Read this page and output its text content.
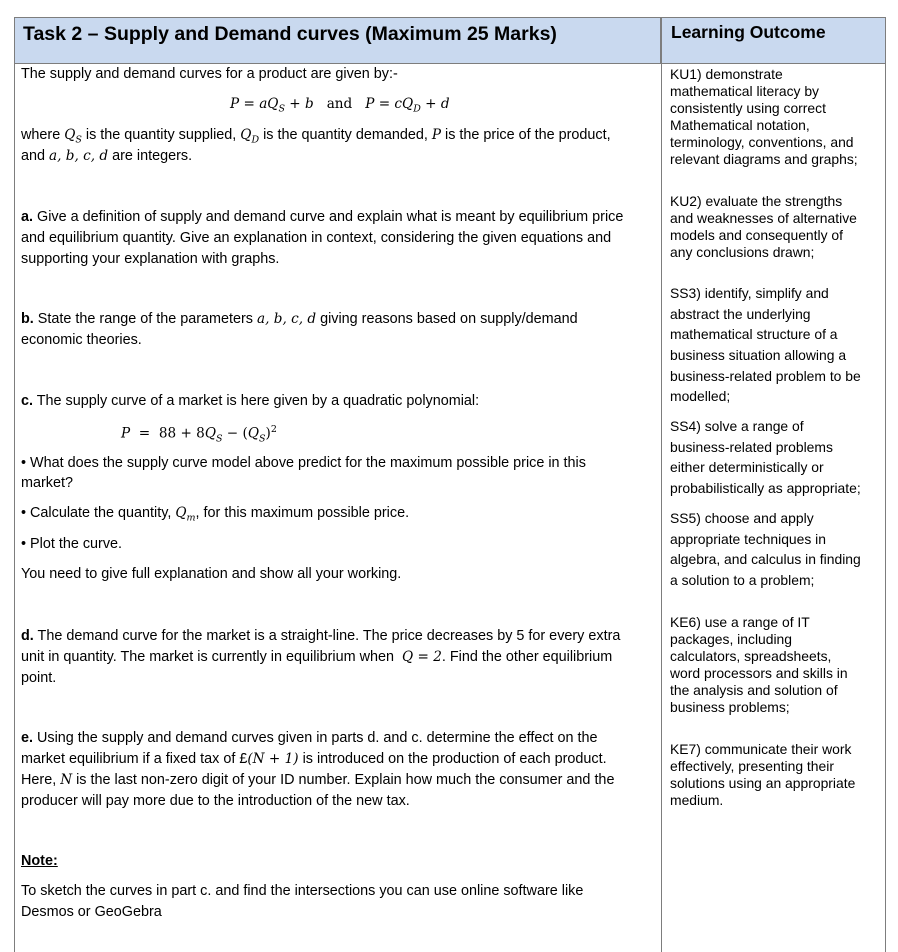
Task 2 – Supply and Demand curves (Maximum 25 Marks)	Learning Outcome
The supply and demand curves for a product are given by:-
$P = aQ_S + b$ and $P = cQ_D + d$
where $Q_S$ is the quantity supplied, $Q_D$ is the quantity demanded, P is the price of the product,
and a, b, c, d are integers.
a. Give a definition of supply and demand curve and explain what is meant by equilibrium price
and equilibrium quantity. Give an explanation in context, considering the given equations and
supporting your explanation with graphs.
b. State the range of the parameters a, b, c, d giving reasons based on supply/demand
economic theories.
c. The supply curve of a market is here given by a quadratic polynomial:
$P = 88 + 8Q_S - (Q_S)^2$
• What does the supply curve model above predict for the maximum possible price in this
market?
• Calculate the quantity, $Q_m$, for this maximum possible price.
• Plot the curve.
You need to give full explanation and show all your working.
d. The demand curve for the market is a straight-line. The price decreases by 5 for every extra
unit in quantity. The market is currently in equilibrium when Q = 2. Find the other equilibrium
point.
e. Using the supply and demand curves given in parts d. and c. determine the effect on the
market equilibrium if a fixed tax of £(N + 1) is introduced on the production of each product.
Here, N is the last non-zero digit of your ID number. Explain how much the consumer and the
producer will pay more due to the introduction of the new tax.
Note:
To sketch the curves in part c. and find the intersections you can use online software like
Desmos or GeoGebra
KU1) demonstrate
mathematical literacy by
consistently using correct
Mathematical notation,
terminology, conventions, and
relevant diagrams and graphs;
KU2) evaluate the strengths
and weaknesses of alternative
models and consequently of
any conclusions drawn;
SS3) identify, simplify and
abstract the underlying
mathematical structure of a
business situation allowing a
business-related problem to be
modelled;
SS4) solve a range of
business-related problems
either deterministically or
probabilistically as appropriate;
SS5) choose and apply
appropriate techniques in
algebra, and calculus in finding
a solution to a problem;
KE6) use a range of IT
packages, including
calculators, spreadsheets,
word processors and skills in
the analysis and solution of
business problems;
KE7) communicate their work
effectively, presenting their
solutions using an appropriate
medium.
